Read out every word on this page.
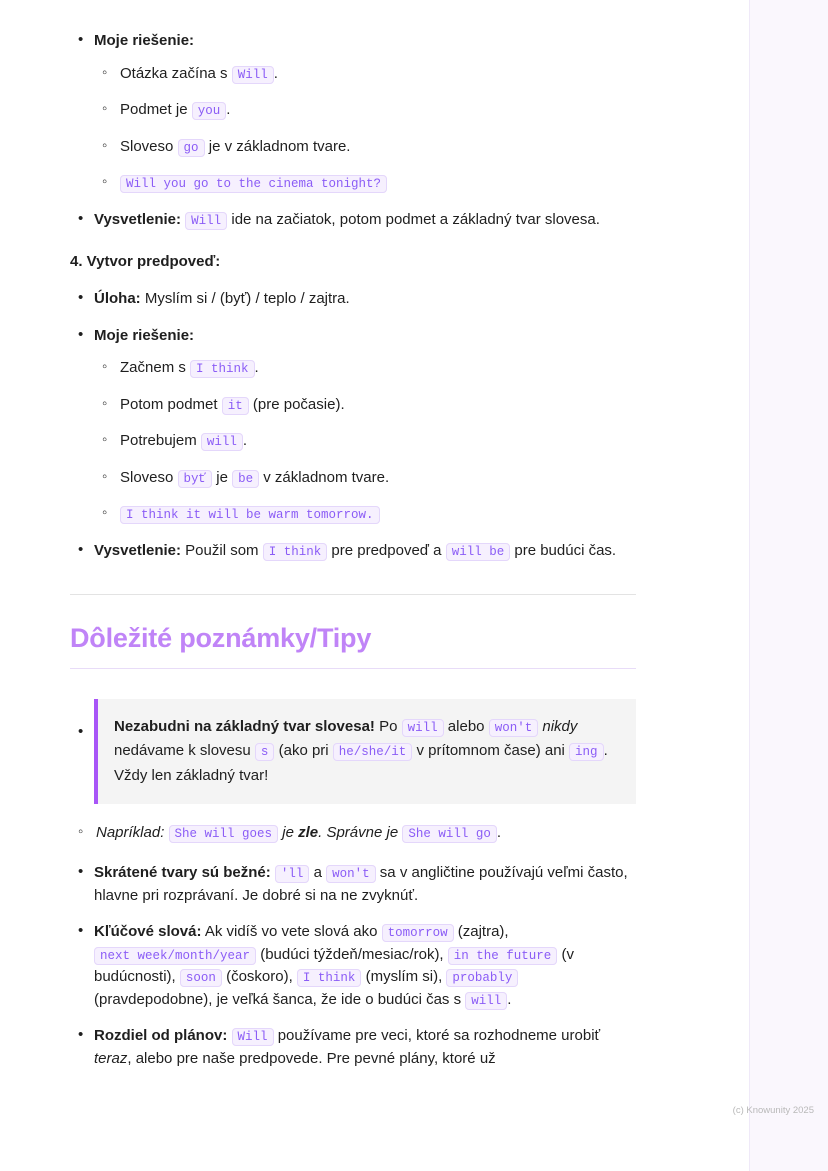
• Moje riešenie:
◦ Otázka začína s Will .
◦ Podmet je you .
◦ Sloveso go je v základnom tvare.
◦ Will you go to the cinema tonight?
• Vysvetlenie: Will ide na začiatok, potom podmet a základný tvar slovesa.
4. Vytvor predpoveď:
• Úloha: Myslím si / (byť) / teplo / zajtra.
• Moje riešenie:
◦ Začnem s I think .
◦ Potom podmet it (pre počasie).
◦ Potrebujem will .
◦ Sloveso byť je be v základnom tvare.
◦ I think it will be warm tomorrow.
• Vysvetlenie: Použil som I think pre predpoveď a will be pre budúci čas.
Dôležité poznámky/Tipy
• Nezabudni na základný tvar slovesa! Po will alebo won't nikdy nedávame k slovesu s (ako pri he/she/it v prítomnom čase) ani ing . Vždy len základný tvar!
◦ Napríklad: She will goes je zle. Správne je She will go .
• Skrátené tvary sú bežné: 'll a won't sa v angličtine používajú veľmi často, hlavne pri rozprávaní. Je dobré si na ne zvyknúť.
• Kľúčové slová: Ak vidíš vo vete slová ako tomorrow (zajtra), next week/month/year (budúci týždeň/mesiac/rok), in the future (v budúcnosti), soon (čoskoro), I think (myslím si), probably (pravdepodobne), je veľká šanca, že ide o budúci čas s will .
• Rozdiel od plánov: Will používame pre veci, ktoré sa rozhodneme urobiť teraz, alebo pre naše predpovede. Pre pevné plány, ktoré už
(c) Knowunity 2025
